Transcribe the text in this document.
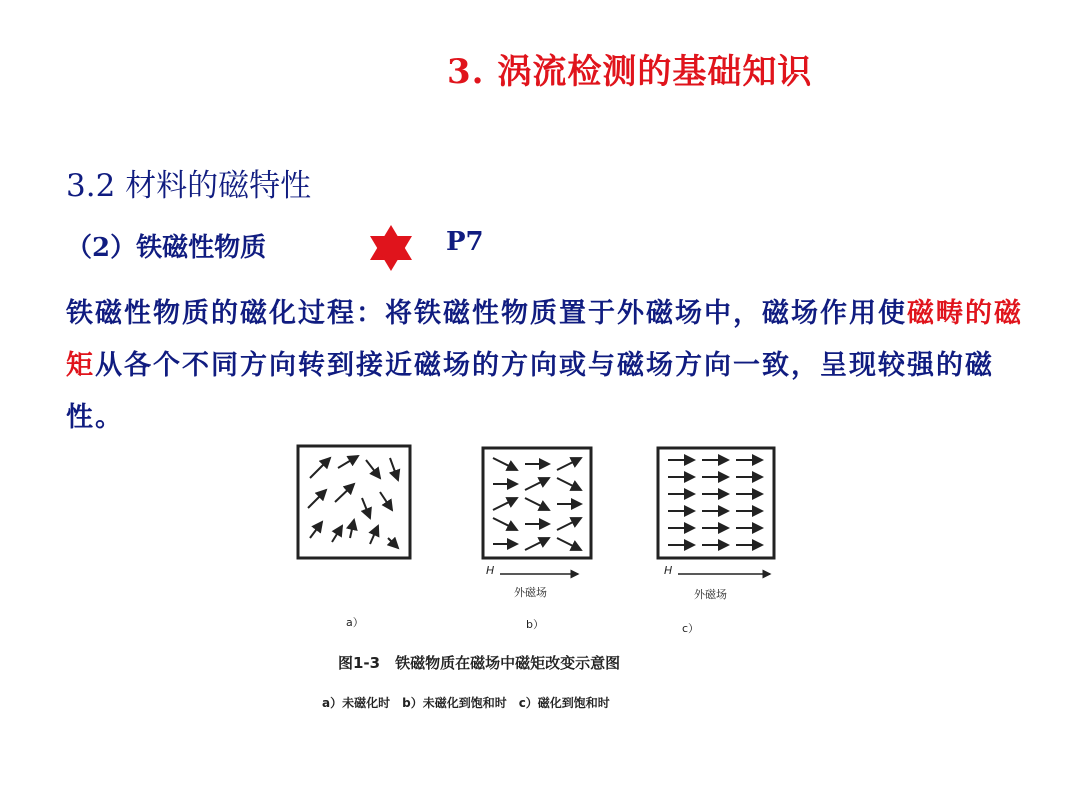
3. 涡流检测的基础知识
3.2 材料的磁特性
（2）铁磁性物质	P7
铁磁性物质的磁化过程：将铁磁性物质置于外磁场中，磁场作用使磁畴的磁矩从各个不同方向转到接近磁场的方向或与磁场方向一致，呈现较强的磁性。
H
外磁场
H
外磁场
a）	b）	c）
图1-3　铁磁物质在磁场中磁矩改变示意图
a）未磁化时　b）未磁化到饱和时　c）磁化到饱和时
